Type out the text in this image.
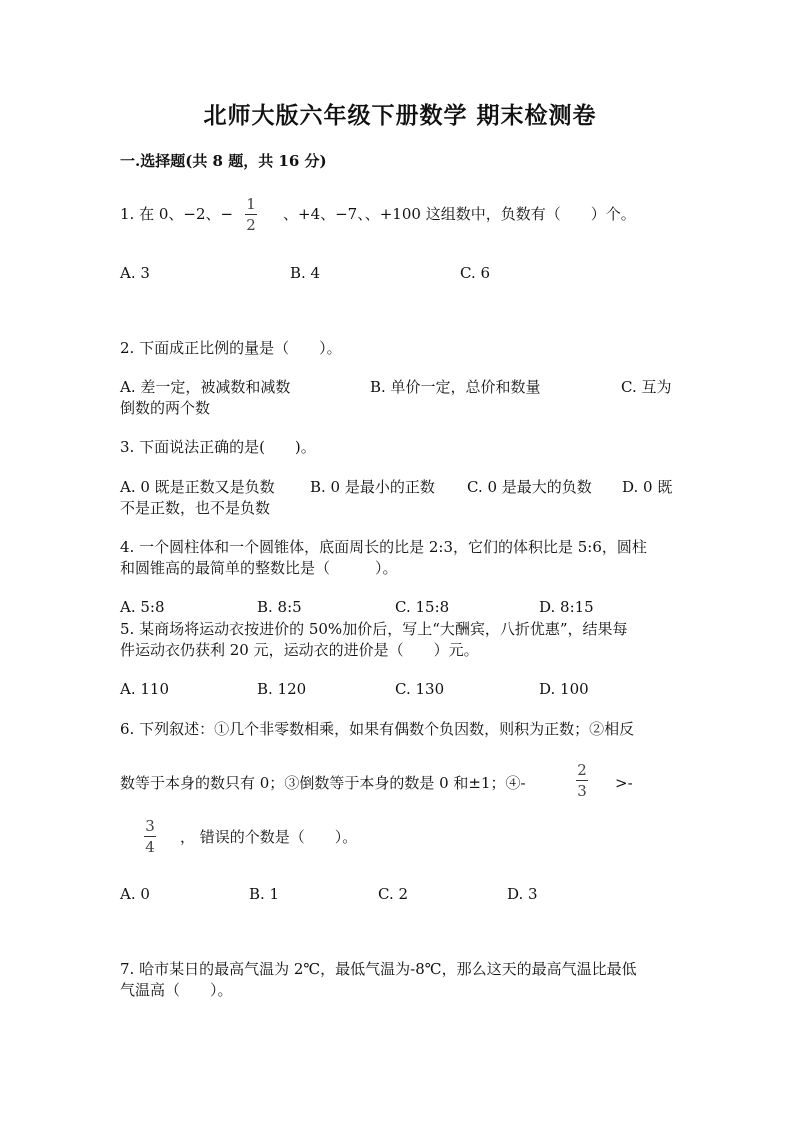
北师大版六年级下册数学 期末检测卷
一.选择题(共 8 题，共 16 分)
1. 在 0、−2、−
1
2
、+4、−7、、+100 这组数中，负数有（　　）个。
A. 3	B. 4	C. 6
2. 下面成正比例的量是（　　）。
A. 差一定，被减数和减数	B. 单价一定，总价和数量	C. 互为
倒数的两个数
3. 下面说法正确的是(　　)。
A. 0 既是正数又是负数 B. 0 是最小的正数 C. 0 是最大的负数 D. 0 既
不是正数，也不是负数
4. 一个圆柱体和一个圆锥体，底面周长的比是 2:3，它们的体积比是 5:6，圆柱
和圆锥高的最简单的整数比是（　　　）。
A. 5:8	B. 8:5	C. 15:8	D. 8:15
5. 某商场将运动衣按进价的 50%加价后，写上“大酬宾，八折优惠”，结果每
件运动衣仍获利 20 元，运动衣的进价是（　　）元。
A. 110	B. 120	C. 130	D. 100
6. 下列叙述：①几个非零数相乘，如果有偶数个负因数，则积为正数；②相反
数等于本身的数只有 0；③倒数等于本身的数是 0 和±1；④-
2
3 >-
3
4
， 错误的个数是（　　）。
A. 0	B. 1	C. 2	D. 3
7. 哈市某日的最高气温为 2℃，最低气温为-8℃，那么这天的最高气温比最低
气温高（　　）。
